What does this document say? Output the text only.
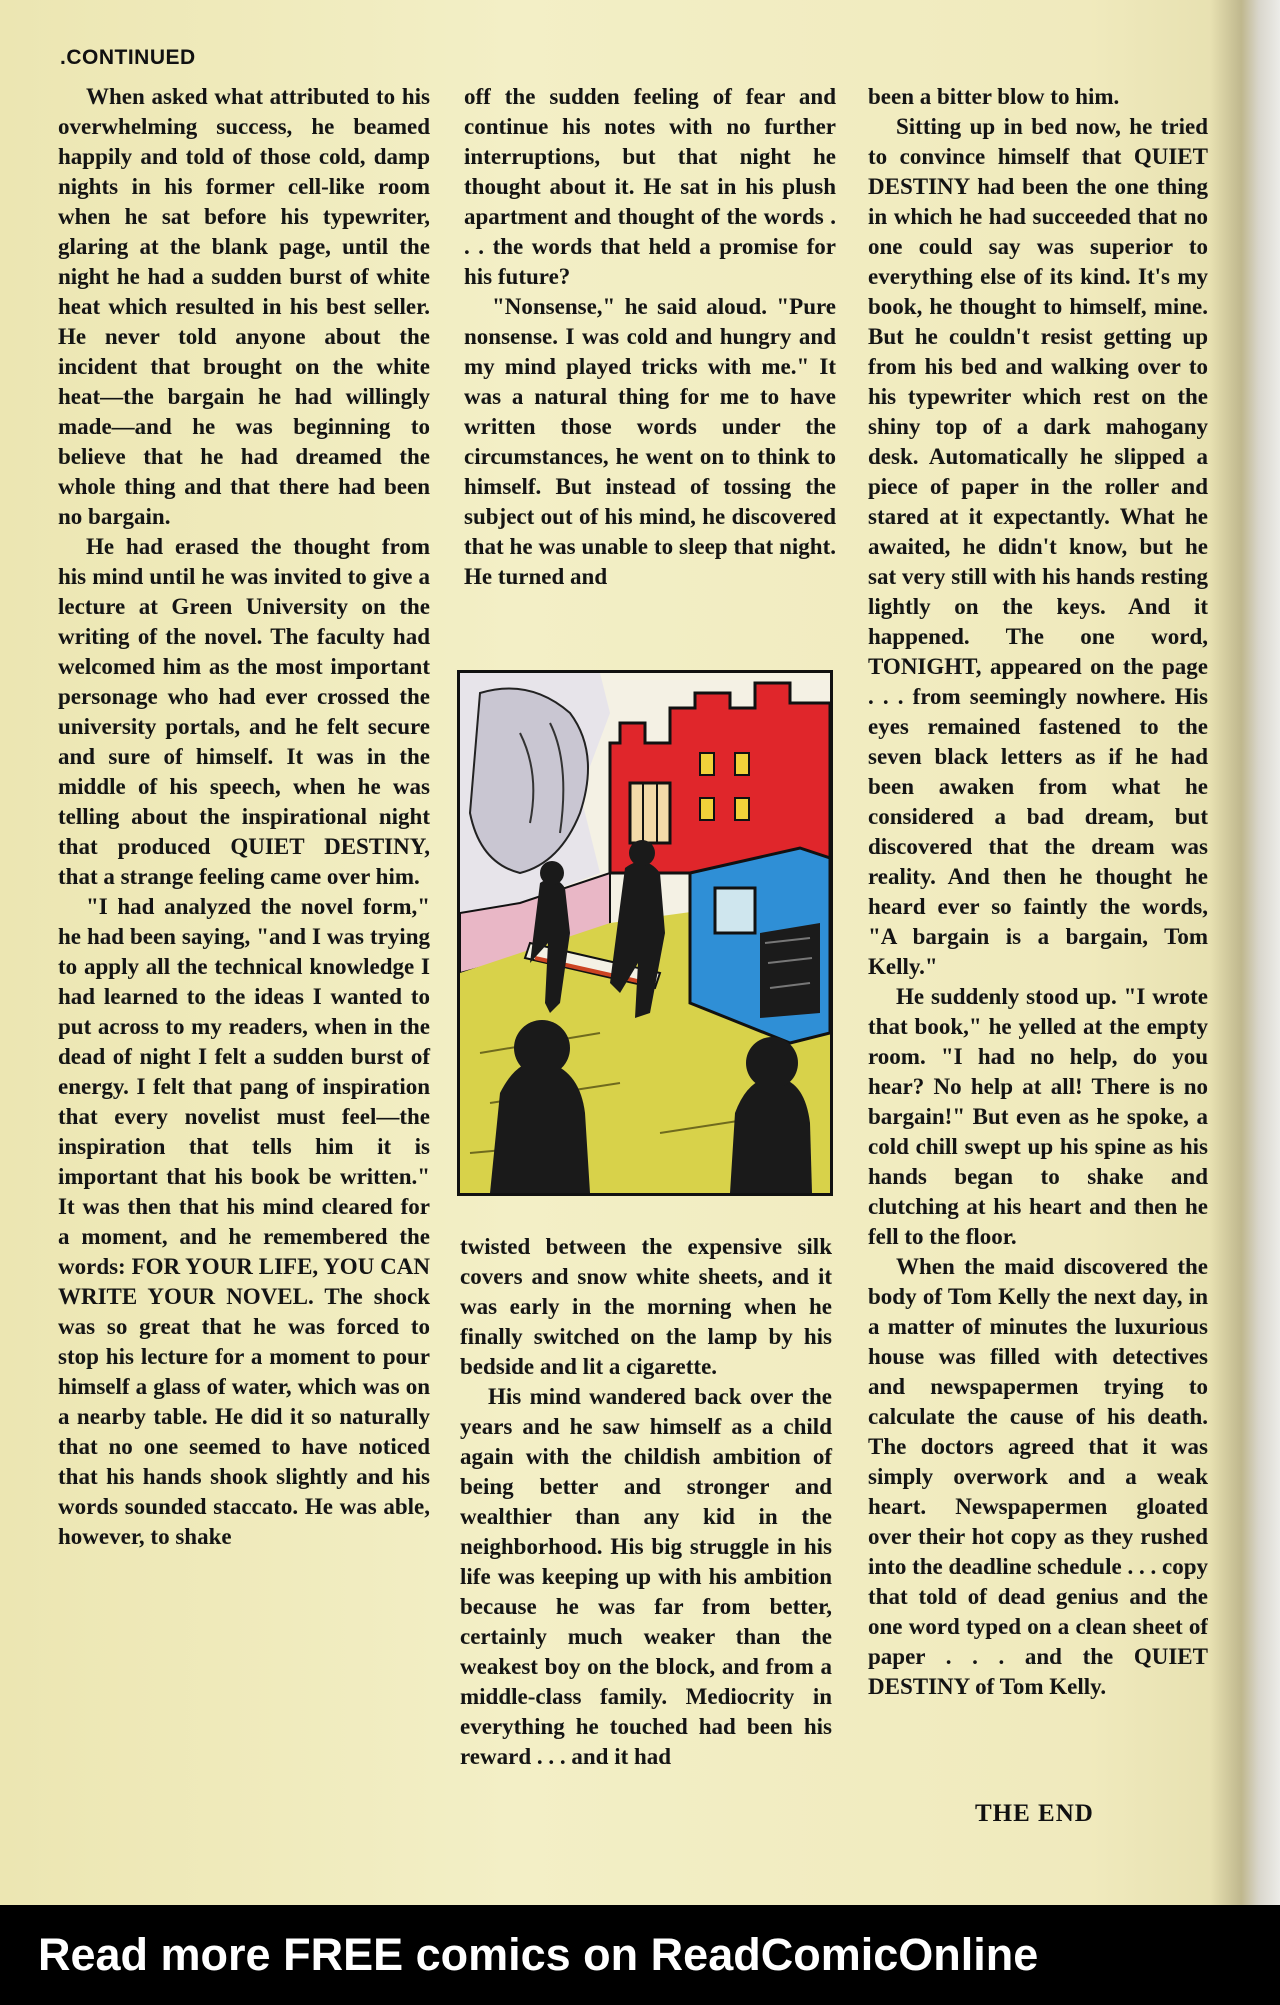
.CONTINUED

When asked what attributed to his overwhelming success, he beamed happily and told of those cold, damp nights in his former cell-like room when he sat before his typewriter, glaring at the blank page, until the night he had a sudden burst of white heat which resulted in his best seller. He never told anyone about the incident that brought on the white heat—the bargain he had willingly made—and he was beginning to believe that he had dreamed the whole thing and that there had been no bargain.

He had erased the thought from his mind until he was invited to give a lecture at Green University on the writing of the novel. The faculty had welcomed him as the most important personage who had ever crossed the university portals, and he felt secure and sure of himself. It was in the middle of his speech, when he was telling about the inspirational night that produced QUIET DESTINY, that a strange feeling came over him.

"I had analyzed the novel form," he had been saying, "and I was trying to apply all the technical knowledge I had learned to the ideas I wanted to put across to my readers, when in the dead of night I felt a sudden burst of energy. I felt that pang of inspiration that every novelist must feel—the inspiration that tells him it is important that his book be written." It was then that his mind cleared for a moment, and he remembered the words: FOR YOUR LIFE, YOU CAN WRITE YOUR NOVEL. The shock was so great that he was forced to stop his lecture for a moment to pour himself a glass of water, which was on a nearby table. He did it so naturally that no one seemed to have noticed that his hands shook slightly and his words sounded staccato. He was able, however, to shake

off the sudden feeling of fear and continue his notes with no further interruptions, but that night he thought about it. He sat in his plush apartment and thought of the words . . . the words that held a promise for his future?

"Nonsense," he said aloud. "Pure nonsense. I was cold and hungry and my mind played tricks with me." It was a natural thing for me to have written those words under the circumstances, he went on to think to himself. But instead of tossing the subject out of his mind, he discovered that he was unable to sleep that night. He turned and

twisted between the expensive silk covers and snow white sheets, and it was early in the morning when he finally switched on the lamp by his bedside and lit a cigarette.

His mind wandered back over the years and he saw himself as a child again with the childish ambition of being better and stronger and wealthier than any kid in the neighborhood. His big struggle in his life was keeping up with his ambition because he was far from better, certainly much weaker than the weakest boy on the block, and from a middle-class family. Mediocrity in everything he touched had been his reward . . . and it had

been a bitter blow to him.

Sitting up in bed now, he tried to convince himself that QUIET DESTINY had been the one thing in which he had succeeded that no one could say was superior to everything else of its kind. It's my book, he thought to himself, mine. But he couldn't resist getting up from his bed and walking over to his typewriter which rest on the shiny top of a dark mahogany desk. Automatically he slipped a piece of paper in the roller and stared at it expectantly. What he awaited, he didn't know, but he sat very still with his hands resting lightly on the keys. And it happened. The one word, TONIGHT, appeared on the page . . . from seemingly nowhere. His eyes remained fastened to the seven black letters as if he had been awaken from what he considered a bad dream, but discovered that the dream was reality. And then he thought he heard ever so faintly the words, "A bargain is a bargain, Tom Kelly."

He suddenly stood up. "I wrote that book," he yelled at the empty room. "I had no help, do you hear? No help at all! There is no bargain!" But even as he spoke, a cold chill swept up his spine as his hands began to shake and clutching at his heart and then he fell to the floor.

When the maid discovered the body of Tom Kelly the next day, in a matter of minutes the luxurious house was filled with detectives and newspapermen trying to calculate the cause of his death. The doctors agreed that it was simply overwork and a weak heart. Newspapermen gloated over their hot copy as they rushed into the deadline schedule . . . copy that told of dead genius and the one word typed on a clean sheet of paper . . . and the QUIET DESTINY of Tom Kelly.

THE END
Read more FREE comics on ReadComicOnline
